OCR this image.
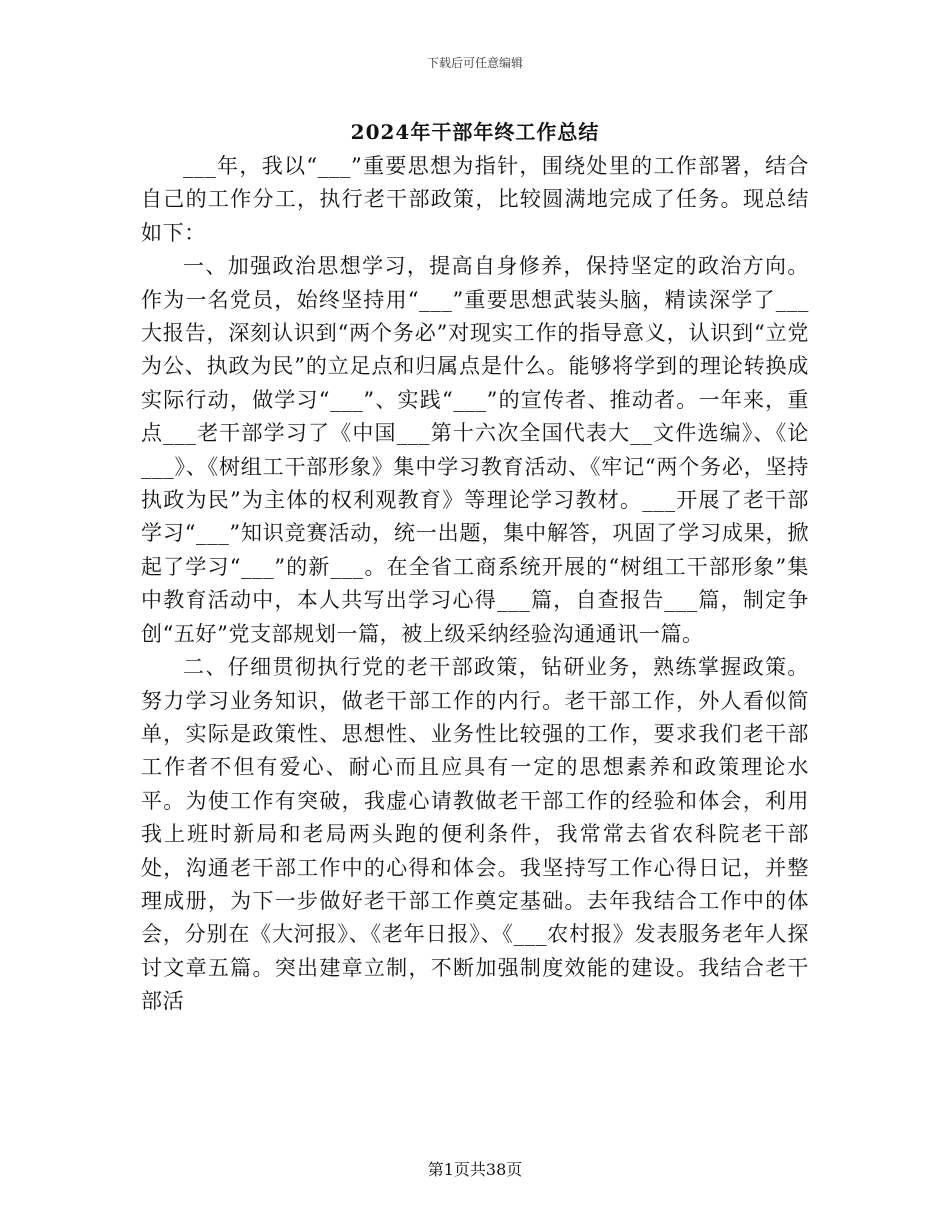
下载后可任意编辑
2024年干部年终工作总结

___年，我以“___”重要思想为指针，围绕处里的工作部署，结合自己的工作分工，执行老干部政策，比较圆满地完成了任务。现总结如下：

一、加强政治思想学习，提高自身修养，保持坚定的政治方向。作为一名党员，始终坚持用“___”重要思想武装头脑，精读深学了___大报告，深刻认识到“两个务必”对现实工作的指导意义，认识到“立党为公、执政为民”的立足点和归属点是什么。能够将学到的理论转换成实际行动，做学习“___”、实践“___”的宣传者、推动者。一年来，重点___老干部学习了《中国___第十六次全国代表大__文件选编》、《论___》、《树组工干部形象》集中学习教育活动、《牢记“两个务必，坚持执政为民”为主体的权利观教育》等理论学习教材。___开展了老干部学习“___”知识竞赛活动，统一出题，集中解答，巩固了学习成果，掀起了学习“___”的新___。在全省工商系统开展的“树组工干部形象”集中教育活动中，本人共写出学习心得___篇，自查报告___篇，制定争创“五好”党支部规划一篇，被上级采纳经验沟通通讯一篇。

二、仔细贯彻执行党的老干部政策，钻研业务，熟练掌握政策。努力学习业务知识，做老干部工作的内行。老干部工作，外人看似简单，实际是政策性、思想性、业务性比较强的工作，要求我们老干部工作者不但有爱心、耐心而且应具有一定的思想素养和政策理论水平。为使工作有突破，我虚心请教做老干部工作的经验和体会，利用我上班时新局和老局两头跑的便利条件，我常常去省农科院老干部处，沟通老干部工作中的心得和体会。我坚持写工作心得日记，并整理成册，为下一步做好老干部工作奠定基础。去年我结合工作中的体会，分别在《大河报》、《老年日报》、《___农村报》发表服务老年人探讨文章五篇。突出建章立制，不断加强制度效能的建设。我结合老干部活

第1页共38页
